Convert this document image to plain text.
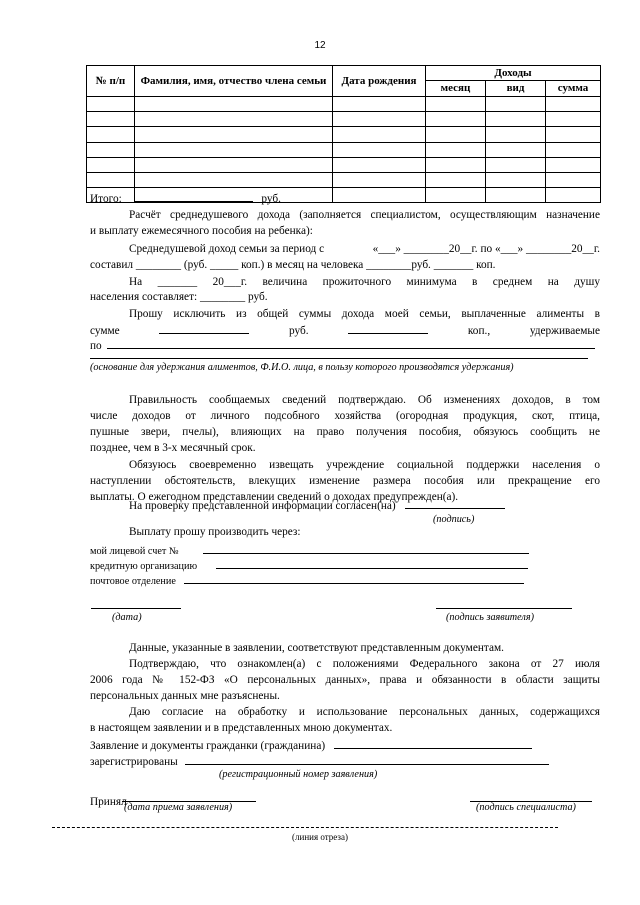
12
№ п/п	Фамилия, имя, отчество члена семьи	Дата рождения	Доходы		
			месяц	вид	сумма

Итого:	руб.
Расчёт среднедушевого дохода (заполняется специалистом, осуществляющим назначение
и выплату ежемесячного пособия на ребенка):
Среднедушевой доход семьи за период с	«___» ________20__г. по «___» ________20__г.
составил ________ (руб. _____ коп.) в месяц на человека ________руб. _______ коп.
На _______ 20___г. величина прожиточного минимума в среднем на душу
населения составляет: ________ руб.
Прошу исключить из общей суммы дохода моей семьи, выплаченные алименты в
сумме	руб.	коп.,	удерживаемые
по
(основание для удержания алиментов, Ф.И.О. лица, в пользу которого производятся удержания)
Правильность сообщаемых сведений подтверждаю. Об изменениях доходов, в том
числе доходов от личного подсобного хозяйства (огородная продукция, скот, птица,
пушные звери, пчелы), влияющих на право получения пособия, обязуюсь сообщить не
позднее, чем в 3-х месячный срок.
Обязуюсь своевременно извещать учреждение социальной поддержки населения о
наступлении обстоятельств, влекущих изменение размера пособия или прекращение его
выплаты. О ежегодном представлении сведений о доходах предупрежден(а).
На проверку представленной информации согласен(на)
(подпись)
Выплату прошу производить через:
мой лицевой счет №
кредитную организацию
почтовое отделение
(дата)	(подпись заявителя)
Данные, указанные в заявлении, соответствуют представленным документам.
Подтверждаю, что ознакомлен(а) с положениями Федерального закона от 27 июля
2006 года № 152-ФЗ «О персональных данных», права и обязанности в области защиты
персональных данных мне разъяснены.
Даю согласие на обработку и использование персональных данных, содержащихся
в настоящем заявлении и в представленных мною документах.
Заявление и документы гражданки (гражданина)
зарегистрированы
(регистрационный номер заявления)
Принял
(дата приема заявления)	(подпись специалиста)
(линия отреза)
